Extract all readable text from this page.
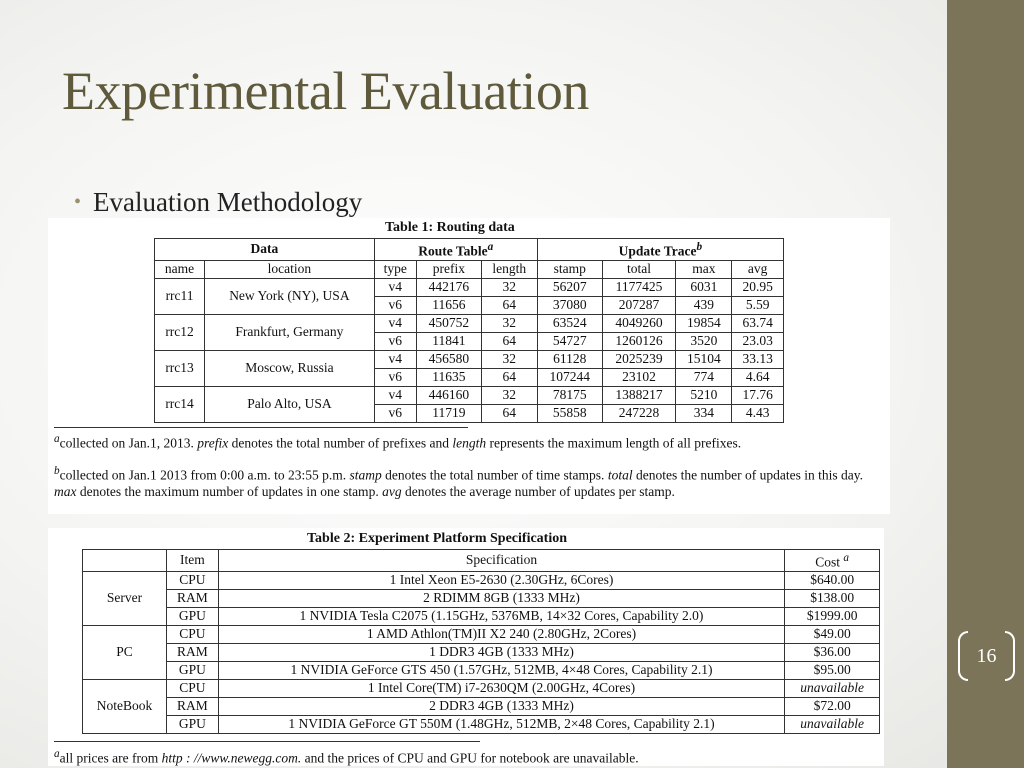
16
Experimental Evaluation
• Evaluation Methodology
Table 1: Routing data
Data		Route Table$^a$			Update Trace$^b$
name	location	type	prefix	length	stamp	total	max	avg
rrc11	New York (NY), USA	v4	442176	32	56207	1177425	6031	20.95
		v6	11656	64	37080	207287	439	5.59
rrc12	Frankfurt, Germany	v4	450752	32	63524	4049260	19854	63.74
		v6	11841	64	54727	1260126	3520	23.03
rrc13	Moscow, Russia	v4	456580	32	61128	2025239	15104	33.13
		v6	11635	64	107244	23102	774	4.64
rrc14	Palo Alto, USA	v4	446160	32	78175	1388217	5210	17.76
		v6	11719	64	55858	247228	334	4.43
$^a$collected on Jan.1, 2013. prefix denotes the total number of prefixes and length represents the maximum length of all prefixes.
$^b$collected on Jan.1 2013 from 0:00 a.m. to 23:55 p.m. stamp denotes the total number of time stamps. total denotes the number of updates in this day. max denotes the maximum number of updates in one stamp. avg denotes the average number of updates per stamp.
Table 2: Experiment Platform Specification
	Item	Specification	Cost $^a$
Server	CPU	1 Intel Xeon E5-2630 (2.30GHz, 6Cores)	$640.00
	RAM	2 RDIMM 8GB (1333 MHz)	$138.00
	GPU	1 NVIDIA Tesla C2075 (1.15GHz, 5376MB, 14×32 Cores, Capability 2.0)	$1999.00
PC	CPU	1 AMD Athlon(TM)II X2 240 (2.80GHz, 2Cores)	$49.00
	RAM	1 DDR3 4GB (1333 MHz)	$36.00
	GPU	1 NVIDIA GeForce GTS 450 (1.57GHz, 512MB, 4×48 Cores, Capability 2.1)	$95.00
NoteBook	CPU	1 Intel Core(TM) i7-2630QM (2.00GHz, 4Cores)	unavailable
	RAM	2 DDR3 4GB (1333 MHz)	$72.00
	GPU	1 NVIDIA GeForce GT 550M (1.48GHz, 512MB, 2×48 Cores, Capability 2.1)	unavailable
$^a$all prices are from http : //www.newegg.com. and the prices of CPU and GPU for notebook are unavailable.
